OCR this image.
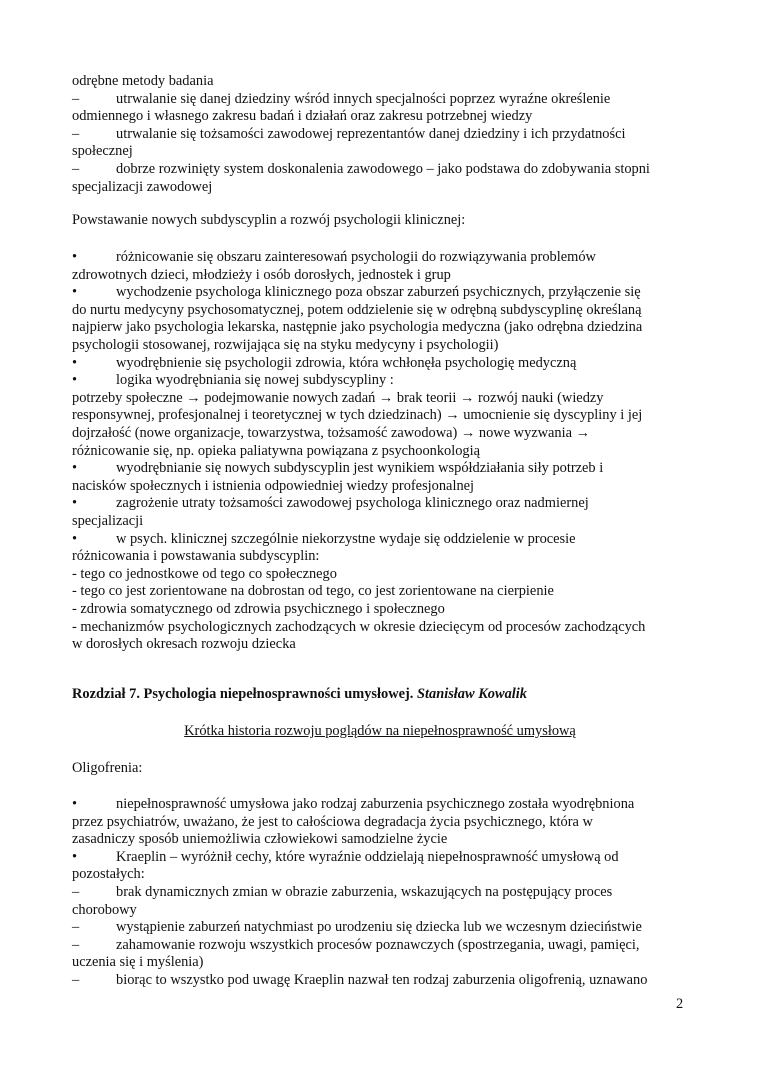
odrębne metody badania
–	utrwalanie się danej dziedziny wśród innych specjalności poprzez wyraźne określenie
odmiennego i własnego zakresu badań i działań oraz zakresu potrzebnej wiedzy
–	utrwalanie się tożsamości zawodowej reprezentantów danej dziedziny i ich przydatności
społecznej
–	dobrze rozwinięty system doskonalenia zawodowego – jako podstawa do zdobywania stopni
specjalizacji zawodowej
Powstawanie nowych subdyscyplin a rozwój psychologii klinicznej:
•	różnicowanie się obszaru zainteresowań psychologii do rozwiązywania problemów
zdrowotnych dzieci, młodzieży i osób dorosłych, jednostek i grup
•	wychodzenie psychologa klinicznego poza obszar zaburzeń psychicznych, przyłączenie się
do nurtu medycyny psychosomatycznej, potem oddzielenie się w odrębną subdyscyplinę określaną
najpierw jako psychologia lekarska, następnie jako psychologia medyczna (jako odrębna dziedzina
psychologii stosowanej, rozwijająca się na styku medycyny i psychologii)
•	wyodrębnienie się psychologii zdrowia, która wchłonęła psychologię medyczną
•	logika wyodrębniania się nowej subdyscypliny :
potrzeby społeczne → podejmowanie nowych zadań → brak teorii → rozwój nauki (wiedzy
responsywnej, profesjonalnej i teoretycznej w tych dziedzinach) → umocnienie się dyscypliny i jej
dojrzałość (nowe organizacje, towarzystwa, tożsamość zawodowa) → nowe wyzwania →
różnicowanie się, np. opieka paliatywna powiązana z psychoonkologią
•	wyodrębnianie się nowych subdyscyplin jest wynikiem współdziałania siły potrzeb i
nacisków społecznych i istnienia odpowiedniej wiedzy profesjonalnej
•	zagrożenie utraty tożsamości zawodowej psychologa klinicznego oraz nadmiernej
specjalizacji
•	w psych. klinicznej szczególnie niekorzystne wydaje się oddzielenie w procesie
różnicowania i powstawania subdyscyplin:
- tego co jednostkowe od tego co społecznego
- tego co jest zorientowane na dobrostan od tego, co jest zorientowane na cierpienie
- zdrowia somatycznego od zdrowia psychicznego i społecznego
- mechanizmów psychologicznych zachodzących w okresie dziecięcym od procesów zachodzących
w dorosłych okresach rozwoju dziecka
Rozdział 7. Psychologia niepełnosprawności umysłowej. Stanisław Kowalik
Krótka historia rozwoju poglądów na niepełnosprawność umysłową
Oligofrenia:
•	niepełnosprawność umysłowa jako rodzaj zaburzenia psychicznego została wyodrębniona
przez psychiatrów, uważano, że jest to całościowa degradacja życia psychicznego, która w
zasadniczy sposób uniemożliwia człowiekowi samodzielne życie
•	Kraeplin – wyróżnił cechy, które wyraźnie oddzielają niepełnosprawność umysłową od
pozostałych:
–	brak dynamicznych zmian w obrazie zaburzenia, wskazujących na postępujący proces
chorobowy
–	wystąpienie zaburzeń natychmiast po urodzeniu się dziecka lub we wczesnym dzieciństwie
–	zahamowanie rozwoju wszystkich procesów poznawczych (spostrzegania, uwagi, pamięci,
uczenia się i myślenia)
–	biorąc to wszystko pod uwagę Kraeplin nazwał ten rodzaj zaburzenia oligofrenią, uznawano
2
